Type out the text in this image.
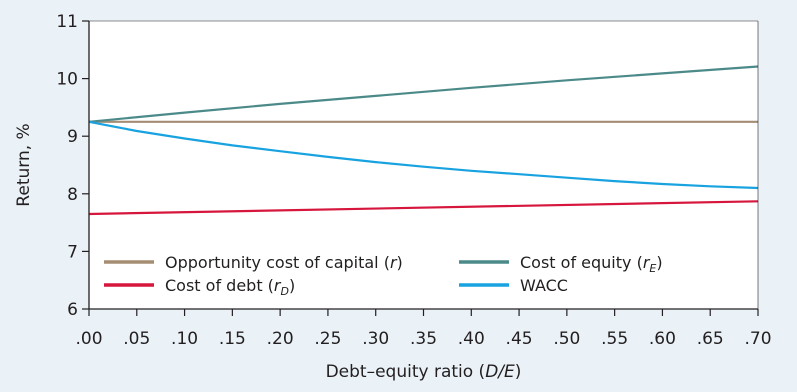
6
7
8
9
10
11
.00 .05 .10 .15 .20 .25 .30 .35 .40 .45 .50 .55 .60 .65 .70
Opportunity cost of capital (r)
Cost of debt $(r_D)$
Cost of equity $(r_E)$
WACC
Return, %
Debt–equity ratio (D/E)
